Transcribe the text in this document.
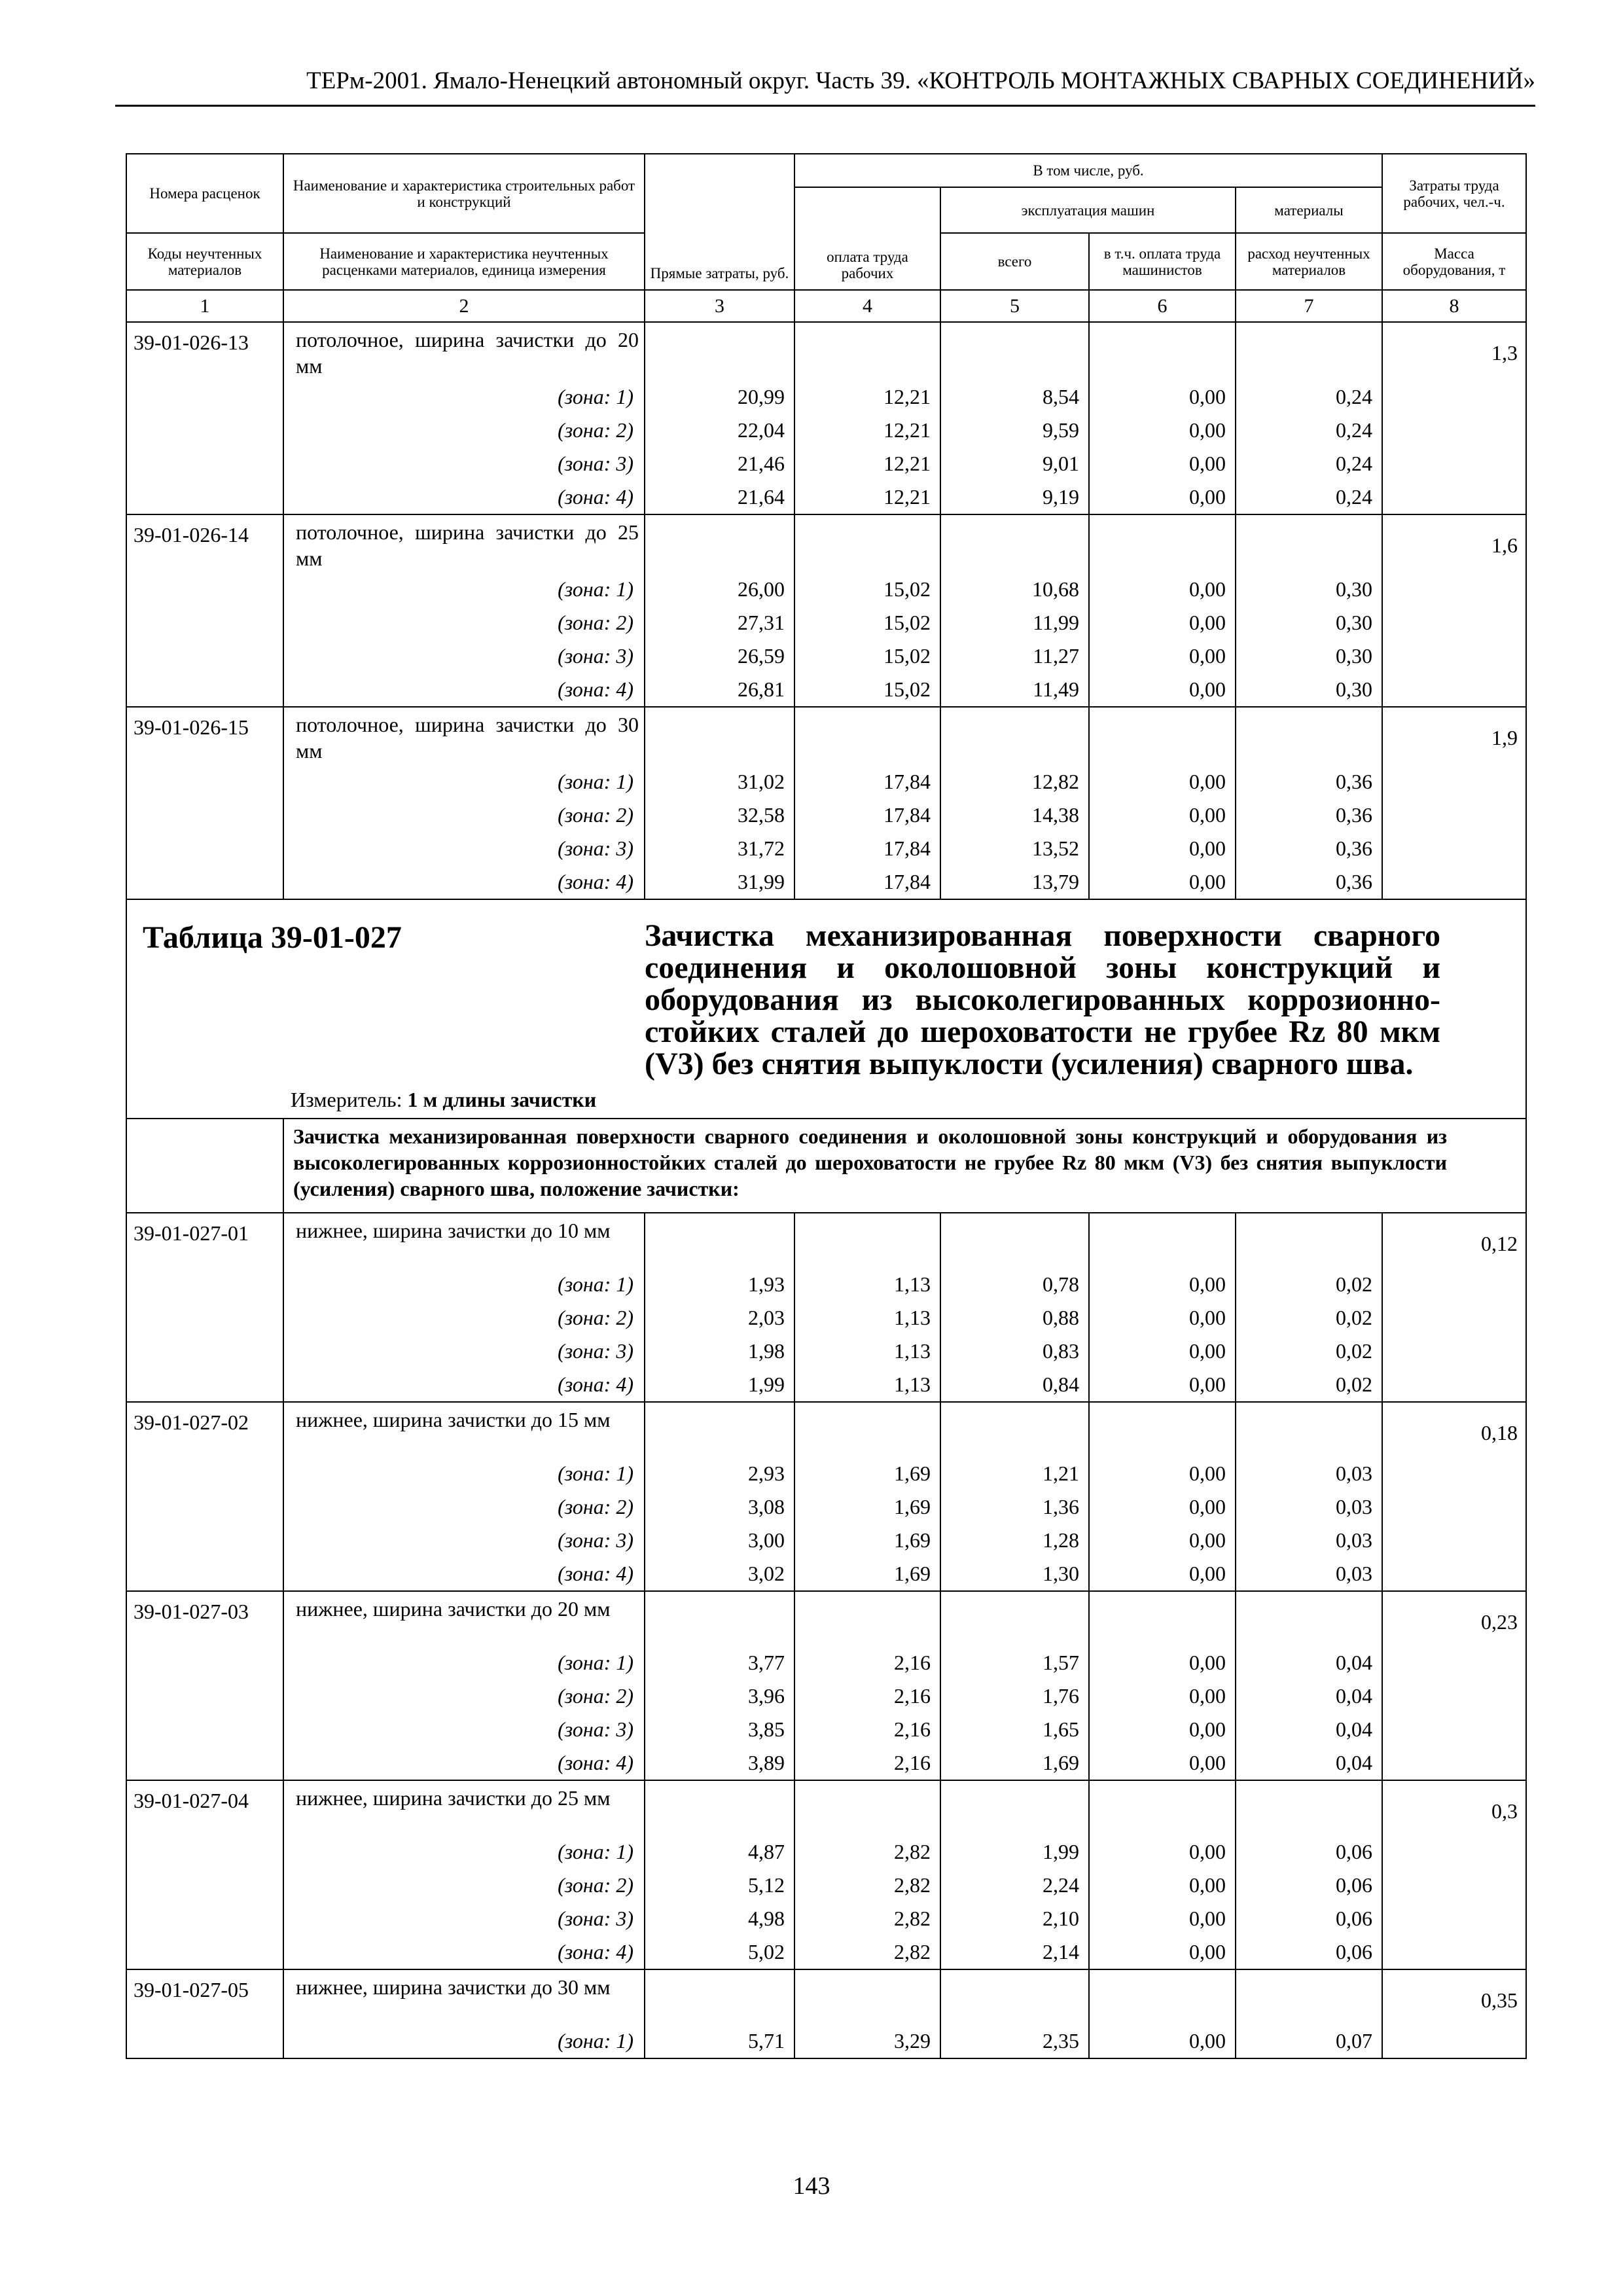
ТЕРм-2001. Ямало-Ненецкий автономный округ. Часть 39. «КОНТРОЛЬ МОНТАЖНЫХ СВАРНЫХ СОЕДИНЕНИЙ»
Номера расценок	Наименование и характеристика строительных работ и конструкций	Прямые затраты, руб.	В том числе, руб.				Затраты труда рабочих, чел.-ч.
			оплата труда рабочих	эксплуатация машин		материалы	
Коды неучтенных материалов	Наименование и характеристика неучтенных расценками материалов, единица измерения			всего	в т.ч. оплата труда машинистов	расход неучтенных материалов	Масса оборудования, т
1	2	3	4	5	6	7	8
39-01-026-13	потолочное, ширина зачистки до 20 мм						1,3
	(зона: 1)	20,99	12,21	8,54	0,00	0,24	
	(зона: 2)	22,04	12,21	9,59	0,00	0,24	
	(зона: 3)	21,46	12,21	9,01	0,00	0,24	
	(зона: 4)	21,64	12,21	9,19	0,00	0,24	
39-01-026-14	потолочное, ширина зачистки до 25 мм						1,6
	(зона: 1)	26,00	15,02	10,68	0,00	0,30	
	(зона: 2)	27,31	15,02	11,99	0,00	0,30	
	(зона: 3)	26,59	15,02	11,27	0,00	0,30	
	(зона: 4)	26,81	15,02	11,49	0,00	0,30	
39-01-026-15	потолочное, ширина зачистки до 30 мм						1,9
	(зона: 1)	31,02	17,84	12,82	0,00	0,36	
	(зона: 2)	32,58	17,84	14,38	0,00	0,36	
	(зона: 3)	31,72	17,84	13,52	0,00	0,36	
	(зона: 4)	31,99	17,84	13,79	0,00	0,36	

Таблица 39-01-027		Зачистка механизированная поверхности сварного соединения и околошовной зоны конструкций и оборудования из высоколегированных коррозионно-стойких сталей до шероховатости не грубее Rz 80 мкм (V3) без снятия выпуклости (усиления) сварного шва.					
Измеритель: 1 м длины зачистки							
	Зачистка механизированная поверхности сварного соединения и околошовной зоны конструкций и оборудования из высоколегированных коррозионностойких сталей до шероховатости не грубее Rz 80 мкм (V3) без снятия выпуклости (усиления) сварного шва, положение зачистки:						
39-01-027-01	нижнее, ширина зачистки до 10 мм						0,12
	(зона: 1)	1,93	1,13	0,78	0,00	0,02	
	(зона: 2)	2,03	1,13	0,88	0,00	0,02	
	(зона: 3)	1,98	1,13	0,83	0,00	0,02	
	(зона: 4)	1,99	1,13	0,84	0,00	0,02	
39-01-027-02	нижнее, ширина зачистки до 15 мм						0,18
	(зона: 1)	2,93	1,69	1,21	0,00	0,03	
	(зона: 2)	3,08	1,69	1,36	0,00	0,03	
	(зона: 3)	3,00	1,69	1,28	0,00	0,03	
	(зона: 4)	3,02	1,69	1,30	0,00	0,03	
39-01-027-03	нижнее, ширина зачистки до 20 мм						0,23
	(зона: 1)	3,77	2,16	1,57	0,00	0,04	
	(зона: 2)	3,96	2,16	1,76	0,00	0,04	
	(зона: 3)	3,85	2,16	1,65	0,00	0,04	
	(зона: 4)	3,89	2,16	1,69	0,00	0,04	
39-01-027-04	нижнее, ширина зачистки до 25 мм						0,3
	(зона: 1)	4,87	2,82	1,99	0,00	0,06	
	(зона: 2)	5,12	2,82	2,24	0,00	0,06	
	(зона: 3)	4,98	2,82	2,10	0,00	0,06	
	(зона: 4)	5,02	2,82	2,14	0,00	0,06	
39-01-027-05	нижнее, ширина зачистки до 30 мм						0,35
	(зона: 1)	5,71	3,29	2,35	0,00	0,07	
143
